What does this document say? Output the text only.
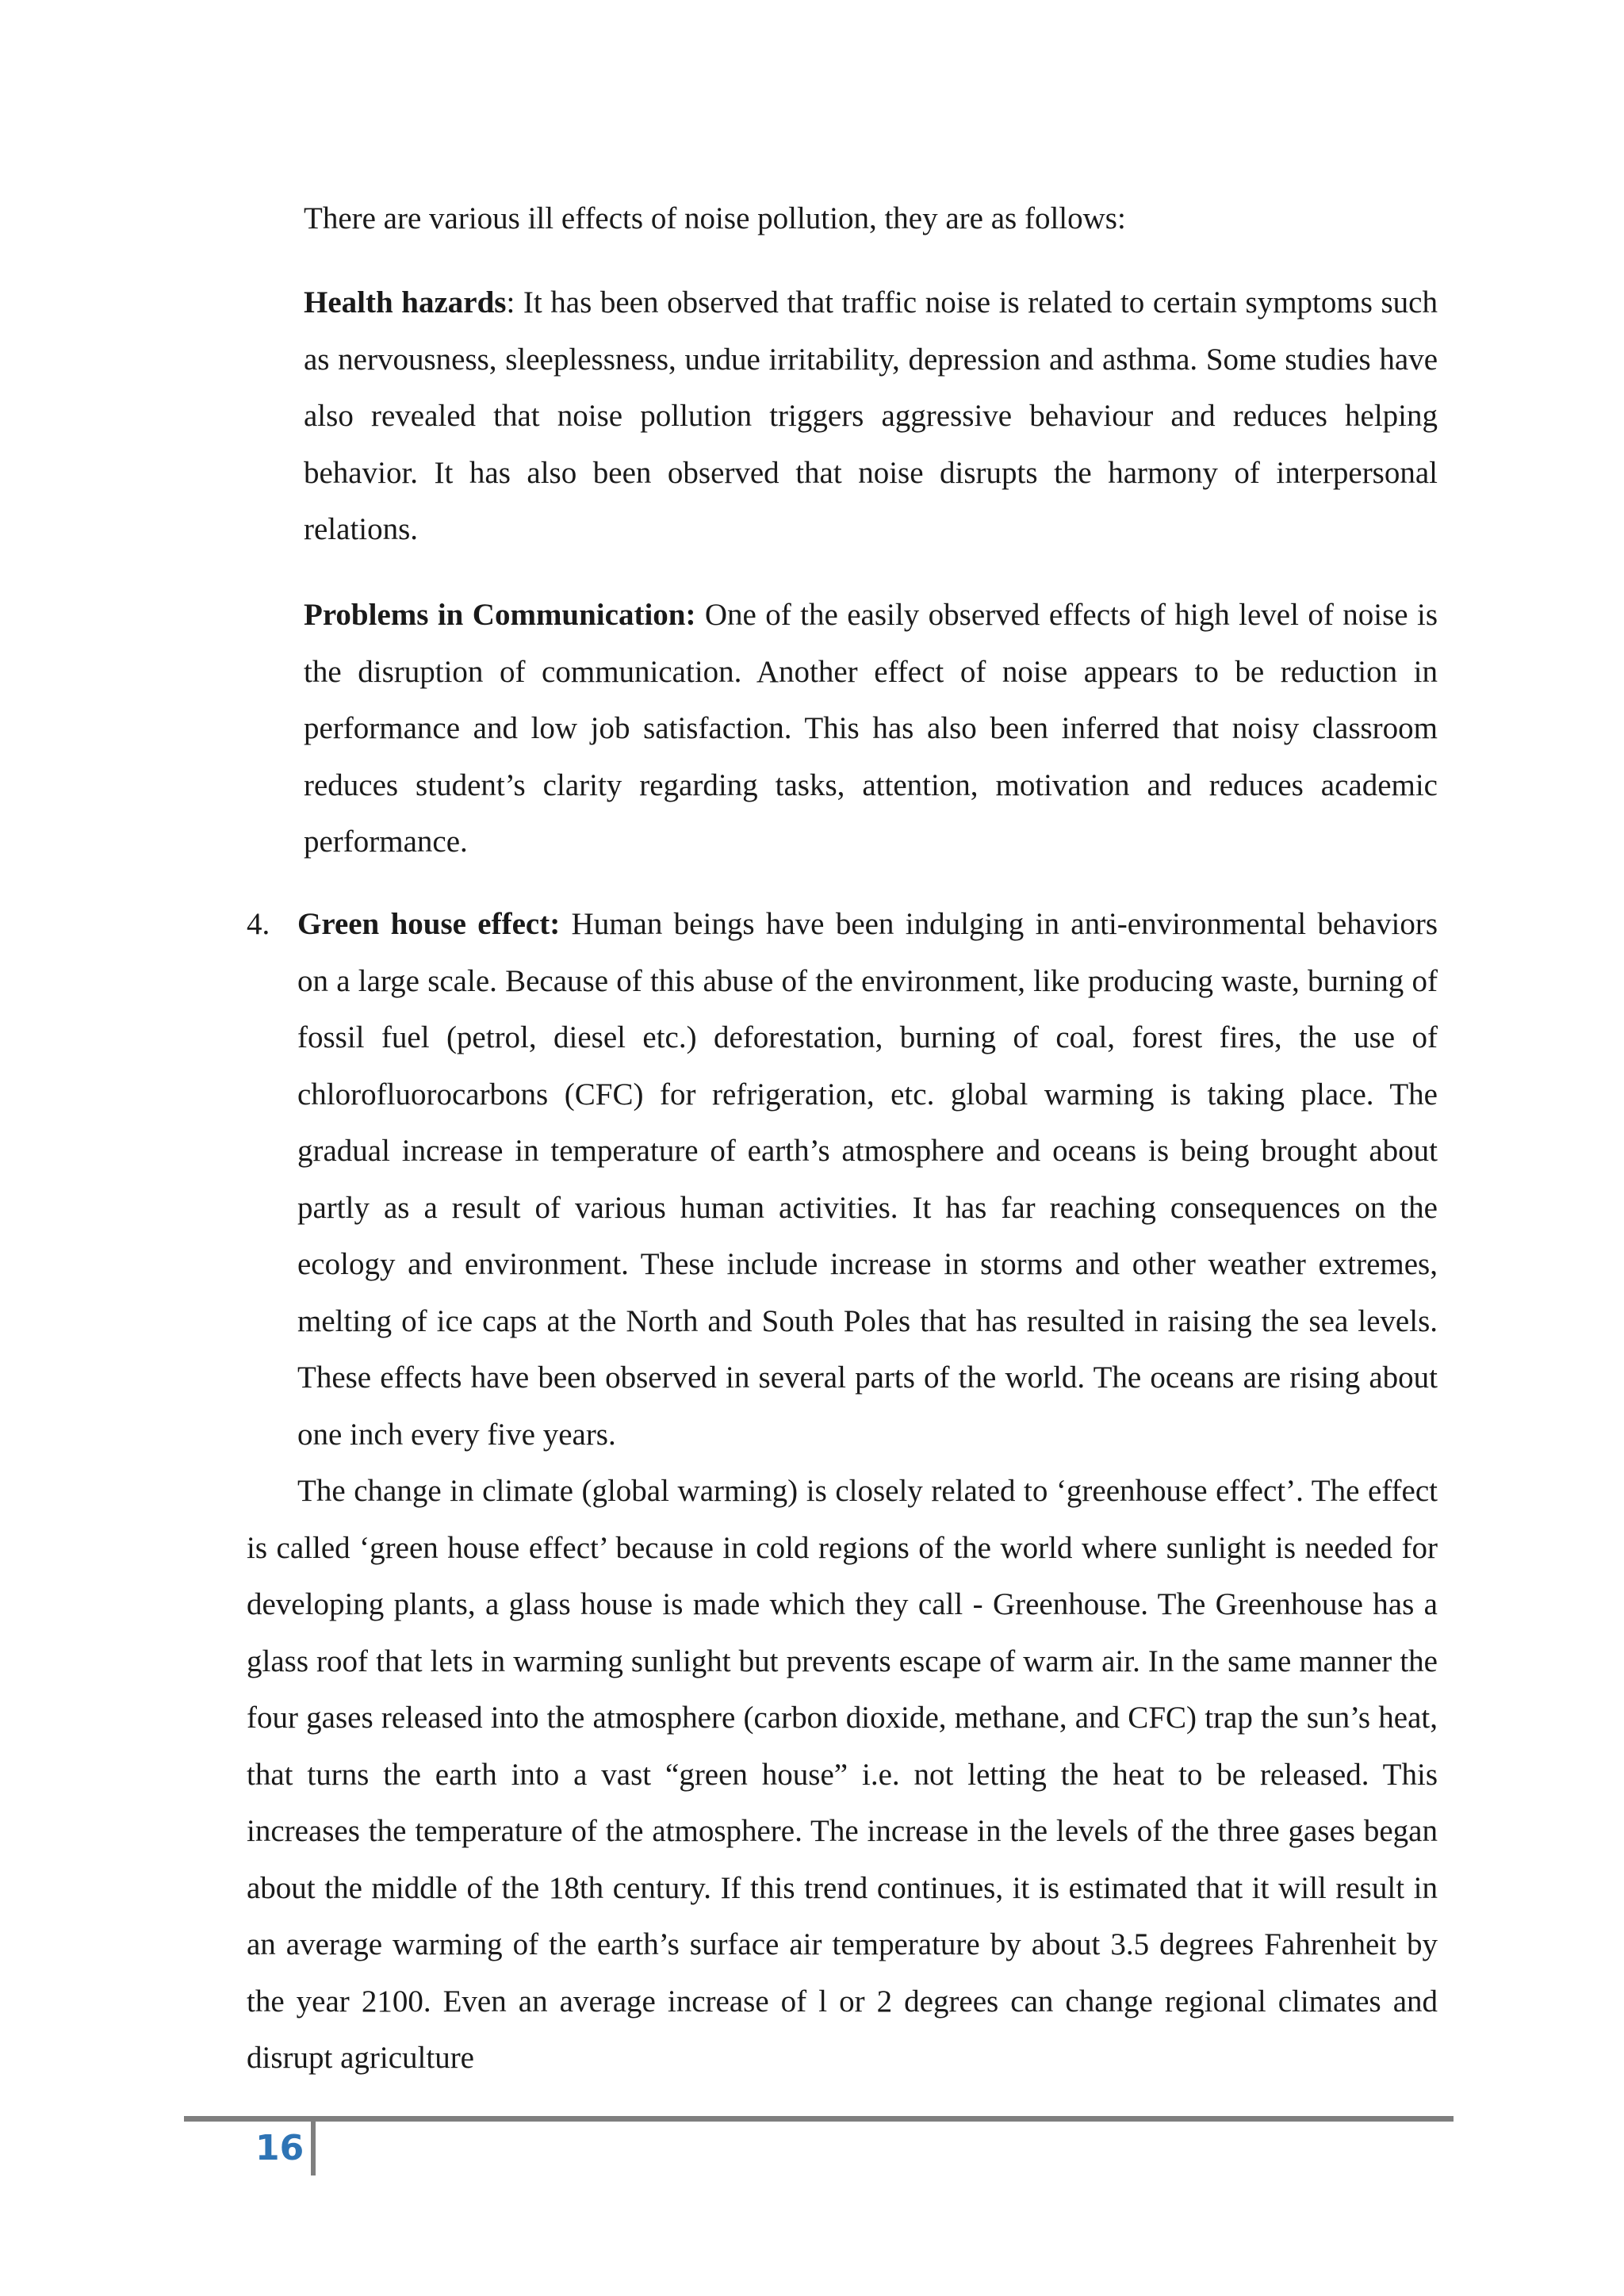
There are various ill effects of noise pollution, they are as follows:

Health hazards: It has been observed that traffic noise is related to certain symptoms such as nervousness, sleeplessness, undue irritability, depression and asthma. Some studies have also revealed that noise pollution triggers aggressive behaviour and reduces helping behavior. It has also been observed that noise disrupts the harmony of interpersonal relations.

Problems in Communication: One of the easily observed effects of high level of noise is the disruption of communication. Another effect of noise appears to be reduction in performance and low job satisfaction. This has also been inferred that noisy classroom reduces student’s clarity regarding tasks, attention, motivation and reduces academic performance.

4. Green house effect: Human beings have been indulging in anti-environmental behaviors on a large scale. Because of this abuse of the environment, like producing waste, burning of fossil fuel (petrol, diesel etc.) deforestation, burning of coal, forest fires, the use of chlorofluorocarbons (CFC) for refrigeration, etc. global warming is taking place. The gradual increase in temperature of earth’s atmosphere and oceans is being brought about partly as a result of various human activities. It has far reaching consequences on the ecology and environment. These include increase in storms and other weather extremes, melting of ice caps at the North and South Poles that has resulted in raising the sea levels. These effects have been observed in several parts of the world. The oceans are rising about one inch every five years.

The change in climate (global warming) is closely related to ‘greenhouse effect’. The effect is called ‘green house effect’ because in cold regions of the world where sunlight is needed for developing plants, a glass house is made which they call - Greenhouse. The Greenhouse has a glass roof that lets in warming sunlight but prevents escape of warm air. In the same manner the four gases released into the atmosphere (carbon dioxide, methane, and CFC) trap the sun’s heat, that turns the earth into a vast “green house” i.e. not letting the heat to be released. This increases the temperature of the atmosphere. The increase in the levels of the three gases began about the middle of the 18th century. If this trend continues, it is estimated that it will result in an average warming of the earth’s surface air temperature by about 3.5 degrees Fahrenheit by the year 2100. Even an average increase of l or 2 degrees can change regional climates and disrupt agriculture

16
